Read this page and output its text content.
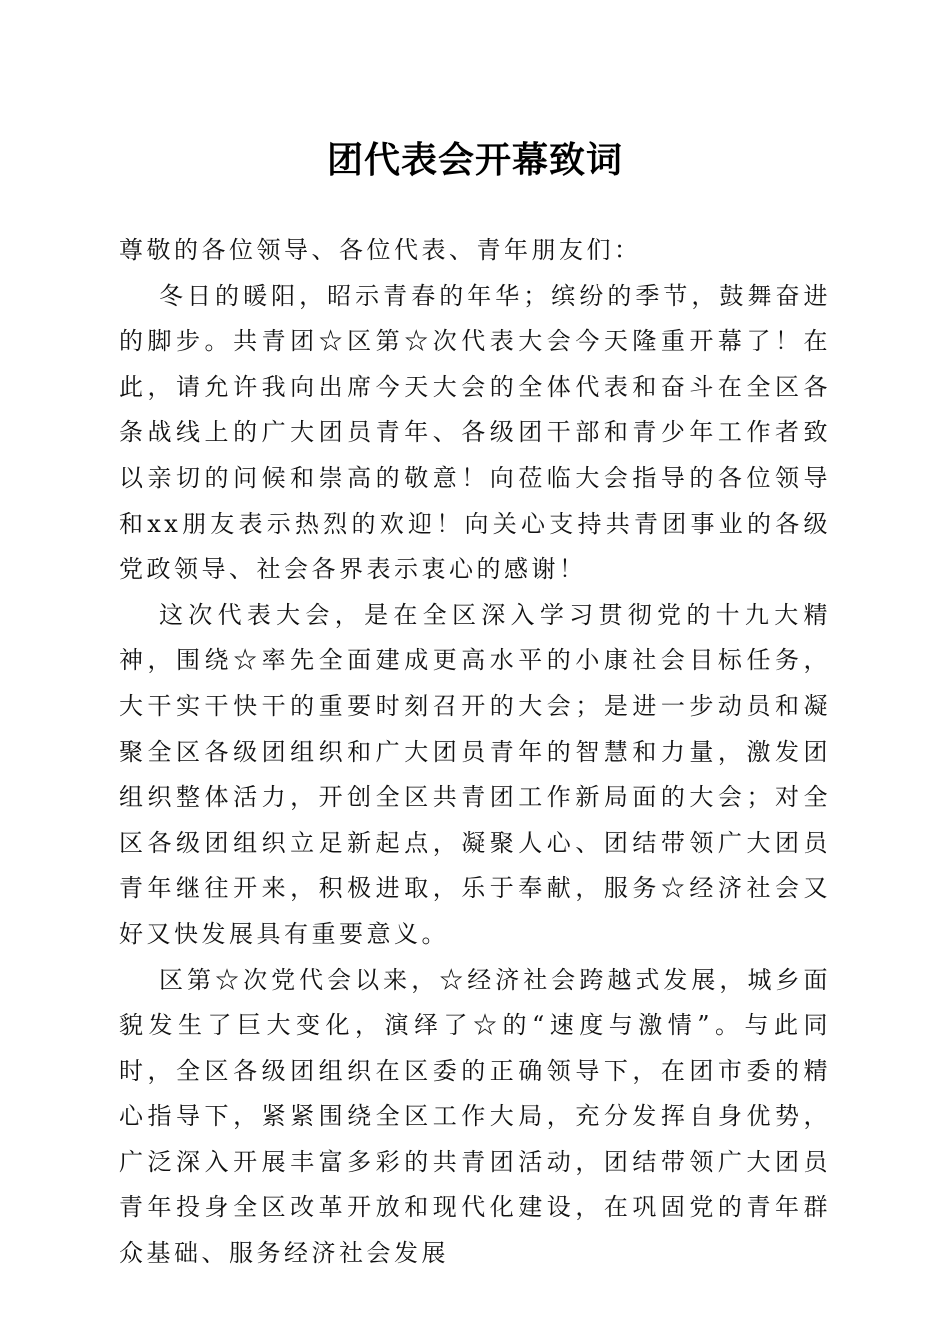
团代表会开幕致词

尊敬的各位领导、各位代表、青年朋友们：

冬日的暖阳，昭示青春的年华；缤纷的季节，鼓舞奋进的脚步。共青团☆区第☆次代表大会今天隆重开幕了！在此，请允许我向出席今天大会的全体代表和奋斗在全区各条战线上的广大团员青年、各级团干部和青少年工作者致以亲切的问候和崇高的敬意！向莅临大会指导的各位领导和xx朋友表示热烈的欢迎！向关心支持共青团事业的各级党政领导、社会各界表示衷心的感谢！

这次代表大会，是在全区深入学习贯彻党的十九大精神，围绕☆率先全面建成更高水平的小康社会目标任务，大干实干快干的重要时刻召开的大会；是进一步动员和凝聚全区各级团组织和广大团员青年的智慧和力量，激发团组织整体活力，开创全区共青团工作新局面的大会；对全区各级团组织立足新起点，凝聚人心、团结带领广大团员青年继往开来，积极进取，乐于奉献，服务☆经济社会又好又快发展具有重要意义。

区第☆次党代会以来，☆经济社会跨越式发展，城乡面貌发生了巨大变化，演绎了☆的“速度与激情”。与此同时，全区各级团组织在区委的正确领导下，在团市委的精心指导下，紧紧围绕全区工作大局，充分发挥自身优势，广泛深入开展丰富多彩的共青团活动，团结带领广大团员青年投身全区改革开放和现代化建设，在巩固党的青年群众基础、服务经济社会发展
